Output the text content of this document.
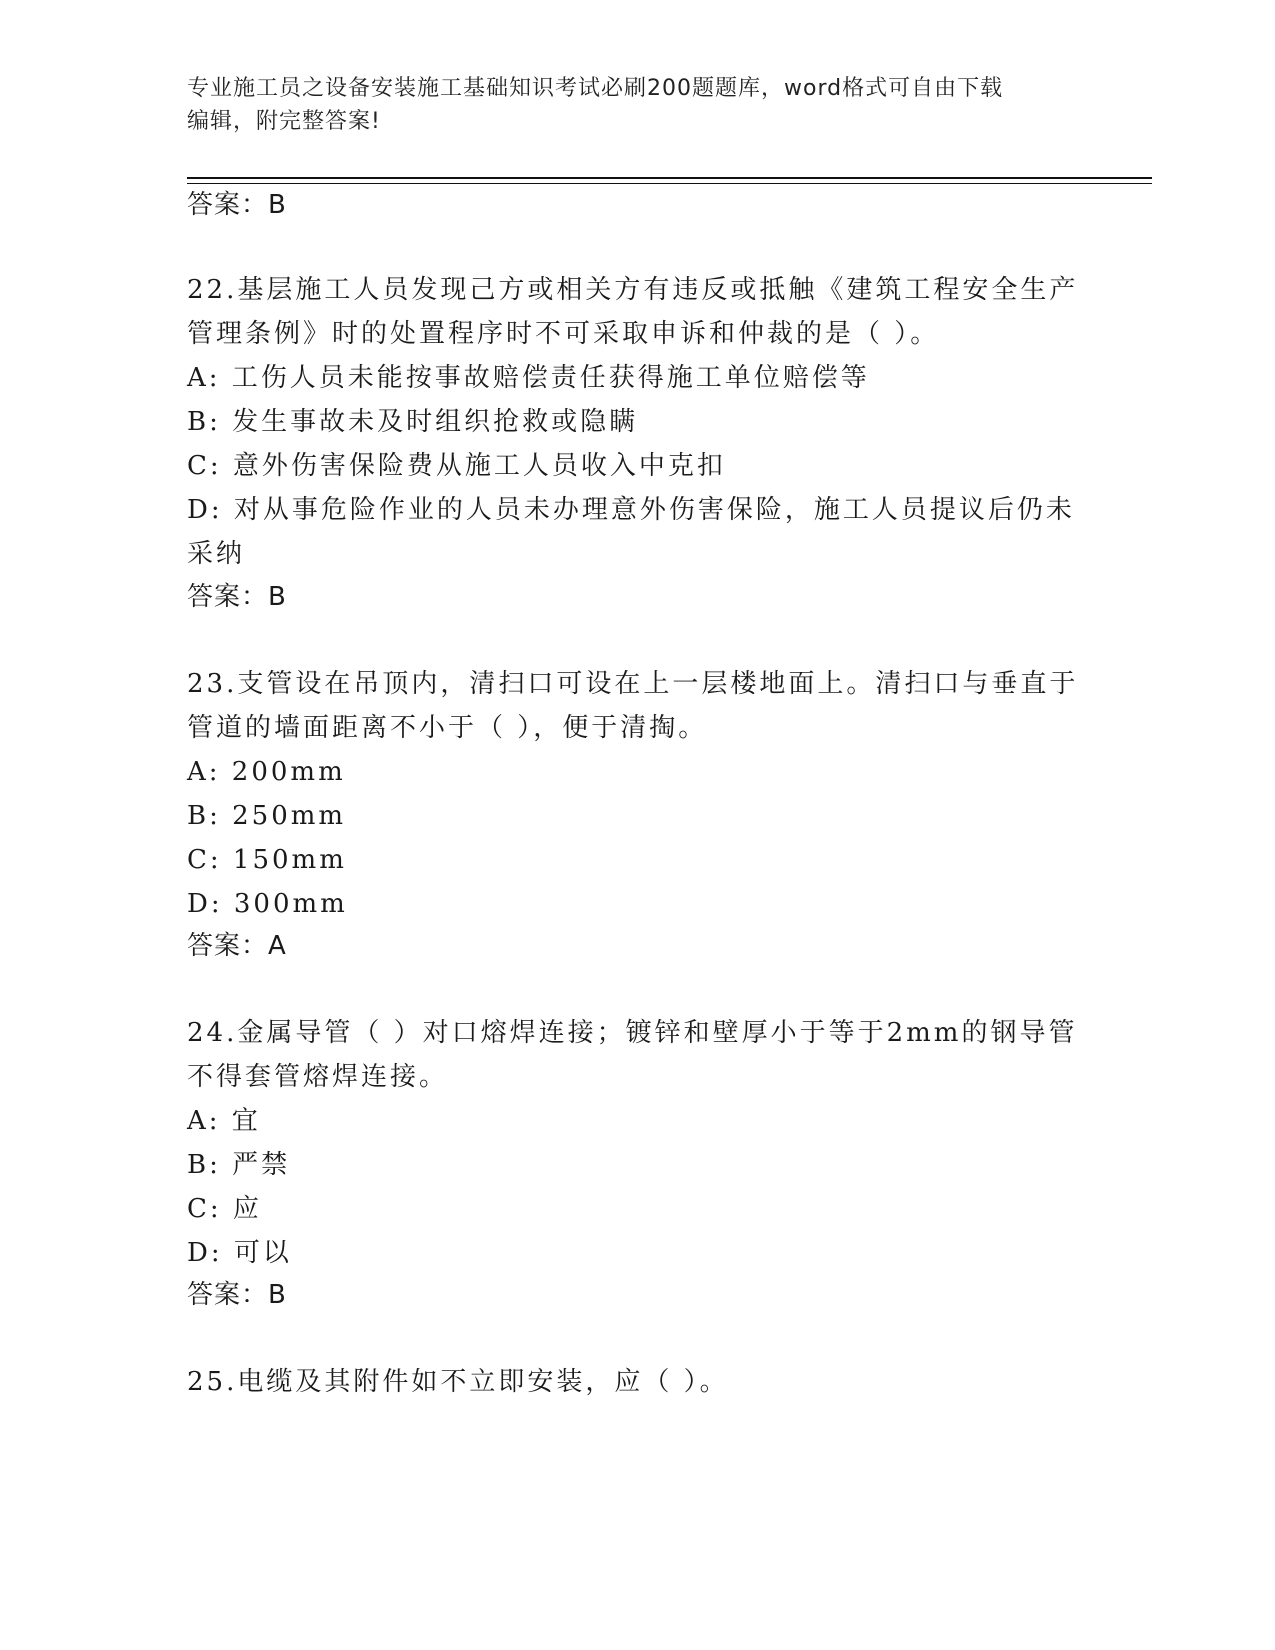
专业施工员之设备安装施工基础知识考试必刷200题题库，word格式可自由下载
编辑，附完整答案!
答案：B
22.基层施工人员发现己方或相关方有违反或抵触《建筑工程安全生产
管理条例》时的处置程序时不可采取申诉和仲裁的是（ ）。
A: 工伤人员未能按事故赔偿责任获得施工单位赔偿等
B: 发生事故未及时组织抢救或隐瞒
C: 意外伤害保险费从施工人员收入中克扣
D: 对从事危险作业的人员未办理意外伤害保险，施工人员提议后仍未
采纳
答案：B
23.支管设在吊顶内，清扫口可设在上一层楼地面上。清扫口与垂直于
管道的墙面距离不小于（ ），便于清掏。
A: 200mm
B: 250mm
C: 150mm
D: 300mm
答案：A
24.金属导管（ ）对口熔焊连接；镀锌和壁厚小于等于2mm的钢导管
不得套管熔焊连接。
A: 宜
B: 严禁
C: 应
D: 可以
答案：B
25.电缆及其附件如不立即安装，应（ ）。
